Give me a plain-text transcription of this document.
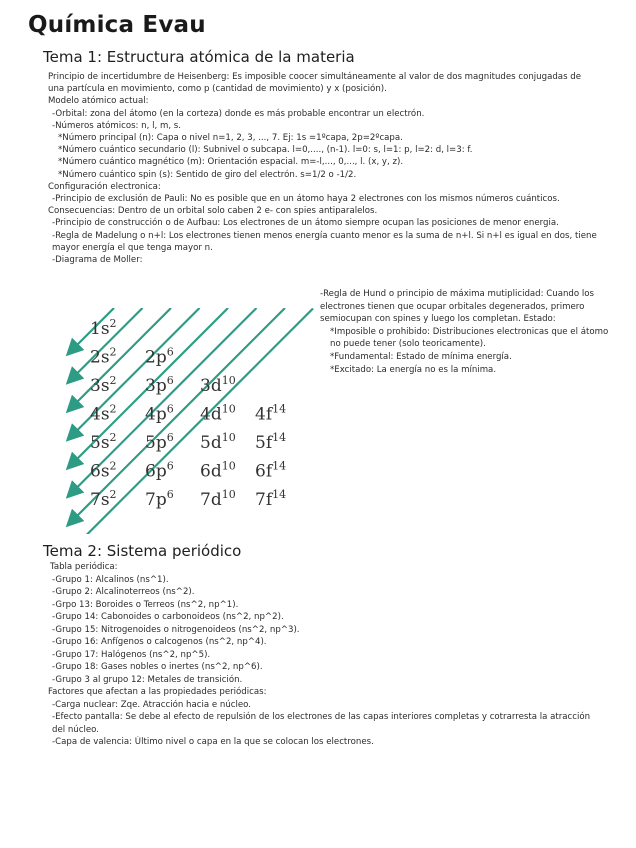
Química Evau
Tema 1: Estructura atómica de la materia
Principio de incertidumbre de Heisenberg: Es imposible coocer simultáneamente al valor de dos magnitudes conjugadas de una partícula en movimiento, como p (cantidad de movimiento) y x (posición).
Modelo atómico actual:
-Orbital: zona del átomo (en la corteza) donde es más probable encontrar un electrón.
-Números atómicos: n, l, m, s.
*Número principal (n): Capa o nivel n=1, 2, 3, ..., 7. Ej: 1s =1ºcapa, 2p=2ºcapa.
*Número cuántico secundario (l): Subnivel o subcapa. l=0,...., (n-1). l=0: s, l=1: p, l=2: d, l=3: f.
*Número cuántico magnético (m): Orientación espacial. m=-l,..., 0,..., l. (x, y, z).
*Número cuántico spin (s): Sentido de giro del electrón. s=1/2 o -1/2.
Configuración electronica:
-Principio de exclusión de Pauli: No es posible que en un átomo haya 2 electrones con los mismos números cuánticos.
Consecuencias: Dentro de un orbital solo caben 2 e- con spies antiparalelos.
-Principio de construcción o de Aufbau: Los electrones de un átomo siempre ocupan las posiciones de menor energia.
-Regla de Madelung o n+l: Los electrones tienen menos energía cuanto menor es la suma de n+l. Si n+l es igual en dos, tiene mayor energía el que tenga mayor n.
-Diagrama de Moller:
-Regla de Hund o principio de máxima mutiplicidad: Cuando los electrones tienen que ocupar orbitales degenerados, primero semiocupan con spines y luego los completan. Estado:
*Imposible o prohibido: Distribuciones electronicas que el átomo no puede tener (solo teoricamente).
*Fundamental: Estado de mínima energía.
*Excitado: La energía no es la mínima.
$1s^2$
$2s^2$ $2p^6$
$3s^2$ $3p^6$ $3d^{10}$
$4s^2$ $4p^6$ $4d^{10}$ $4f^{14}$
$5s^2$ $5p^6$ $5d^{10}$ $5f^{14}$
$6s^2$ $6p^6$ $6d^{10}$ $6f^{14}$
$7s^2$ $7p^6$ $7d^{10}$ $7f^{14}$
Tema 2: Sistema periódico
Tabla periódica:
-Grupo 1: Alcalinos (ns^1).
-Grupo 2: Alcalinoterreos (ns^2).
-Grpo 13: Boroides o Terreos (ns^2, np^1).
-Grupo 14: Cabonoides o carbonoideos (ns^2, np^2).
-Grupo 15: Nitrogenoides o nitrogenoideos (ns^2, np^3).
-Grupo 16: Anfígenos o calcogenos (ns^2, np^4).
-Grupo 17: Halógenos (ns^2, np^5).
-Grupo 18: Gases nobles o inertes (ns^2, np^6).
-Grupo 3 al grupo 12: Metales de transición.
Factores que afectan a las propiedades periódicas:
-Carga nuclear: Zqe. Atracción hacia e núcleo.
-Efecto pantalla: Se debe al efecto de repulsión de los electrones de las capas interiores completas y cotrarresta la atracción del núcleo.
-Capa de valencia: Último nivel o capa en la que se colocan los electrones.
